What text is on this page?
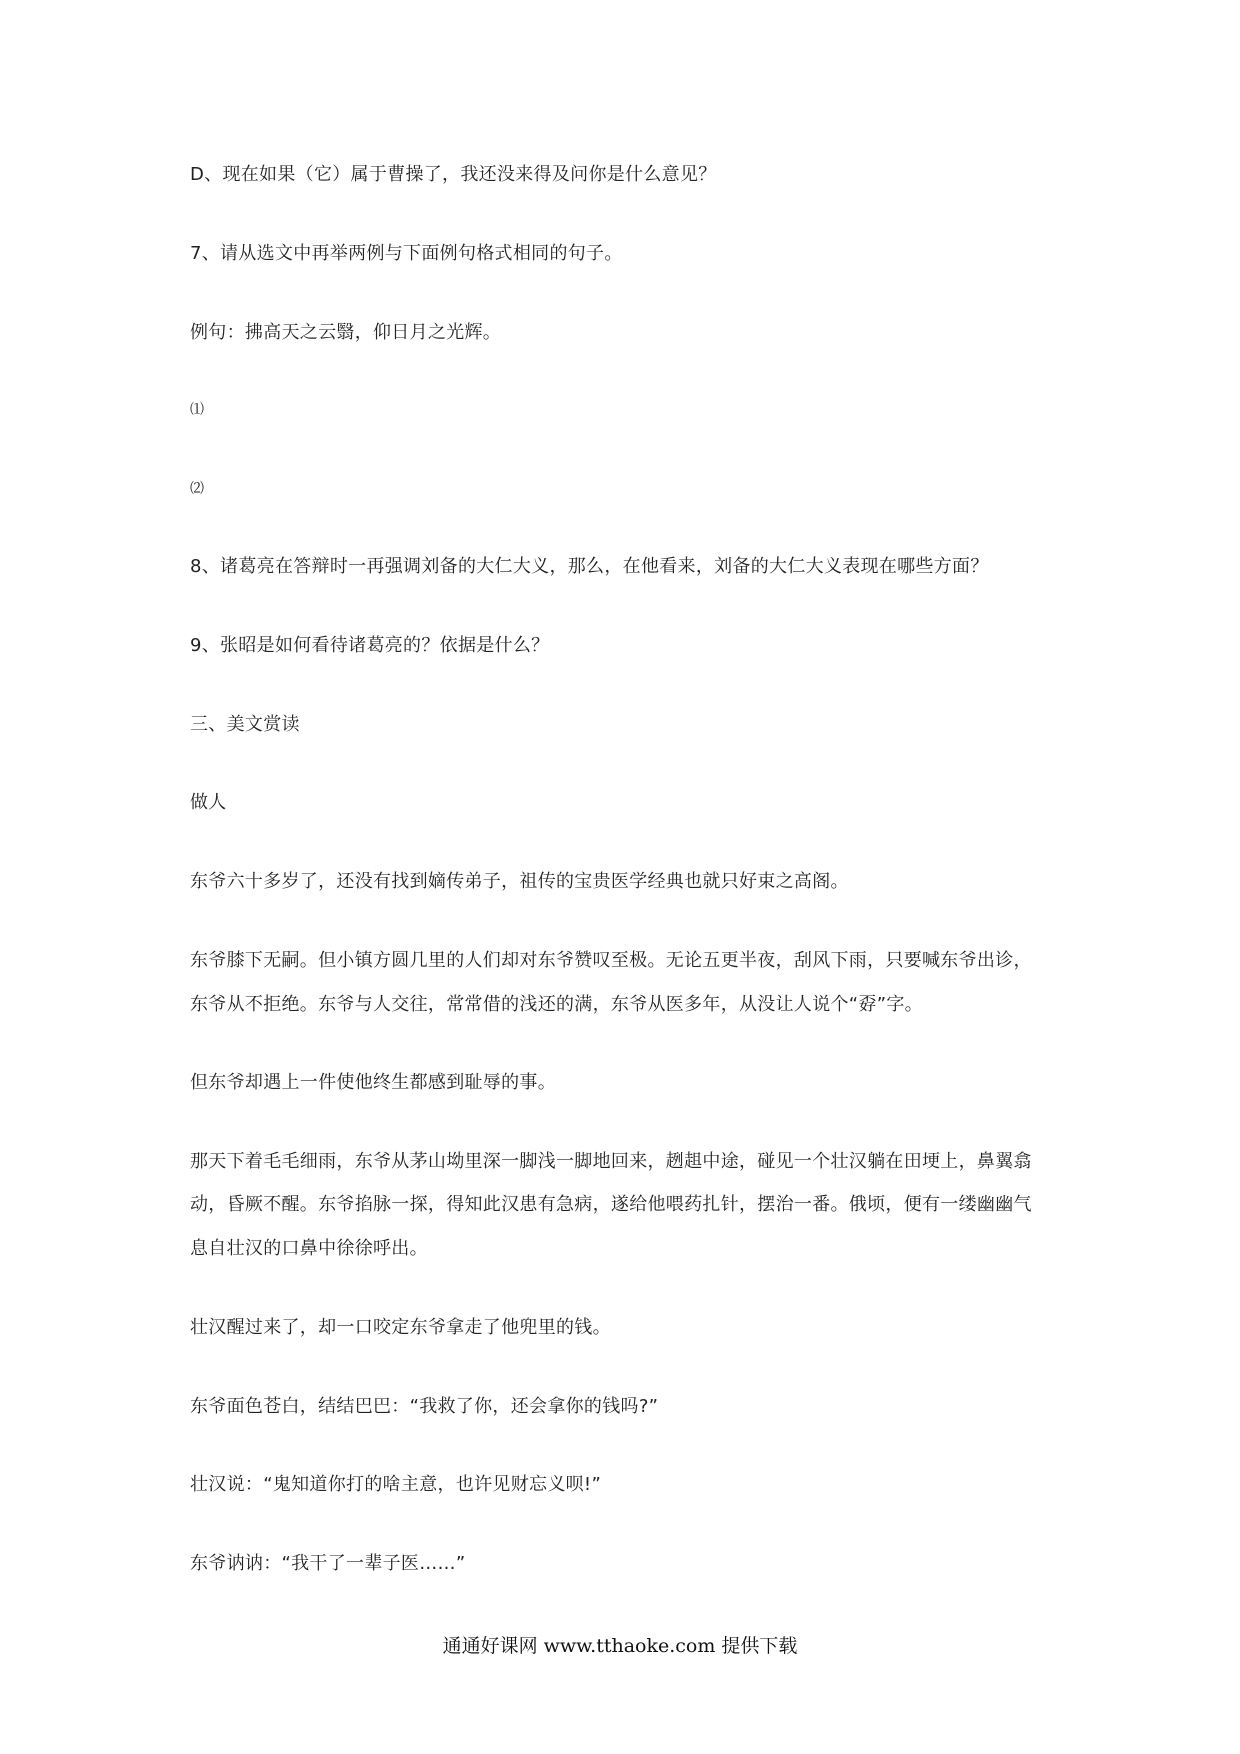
D、现在如果（它）属于曹操了，我还没来得及问你是什么意见？
7、请从选文中再举两例与下面例句格式相同的句子。
例句：拂高天之云翳，仰日月之光辉。
⑴
⑵
8、诸葛亮在答辩时一再强调刘备的大仁大义，那么，在他看来，刘备的大仁大义表现在哪些方面？
9、张昭是如何看待诸葛亮的？依据是什么？
三、美文赏读
做人
东爷六十多岁了，还没有找到嫡传弟子，祖传的宝贵医学经典也就只好束之高阁。
东爷膝下无嗣。但小镇方圆几里的人们却对东爷赞叹至极。无论五更半夜，刮风下雨，只要喊东爷出诊，
东爷从不拒绝。东爷与人交往，常常借的浅还的满，东爷从医多年，从没让人说个“孬”字。
但东爷却遇上一件使他终生都感到耻辱的事。
那天下着毛毛细雨，东爷从茅山坳里深一脚浅一脚地回来，趔趄中途，碰见一个壮汉躺在田埂上，鼻翼翕
动，昏厥不醒。东爷掐脉一探，得知此汉患有急病，遂给他喂药扎针，摆治一番。俄顷，便有一缕幽幽气
息自壮汉的口鼻中徐徐呼出。
壮汉醒过来了，却一口咬定东爷拿走了他兜里的钱。
东爷面色苍白，结结巴巴：“我救了你，还会拿你的钱吗?”
壮汉说：“鬼知道你打的啥主意，也许见财忘义呗!”
东爷讷讷：“我干了一辈子医……”
通通好课网 www.tthaoke.com 提供下载
